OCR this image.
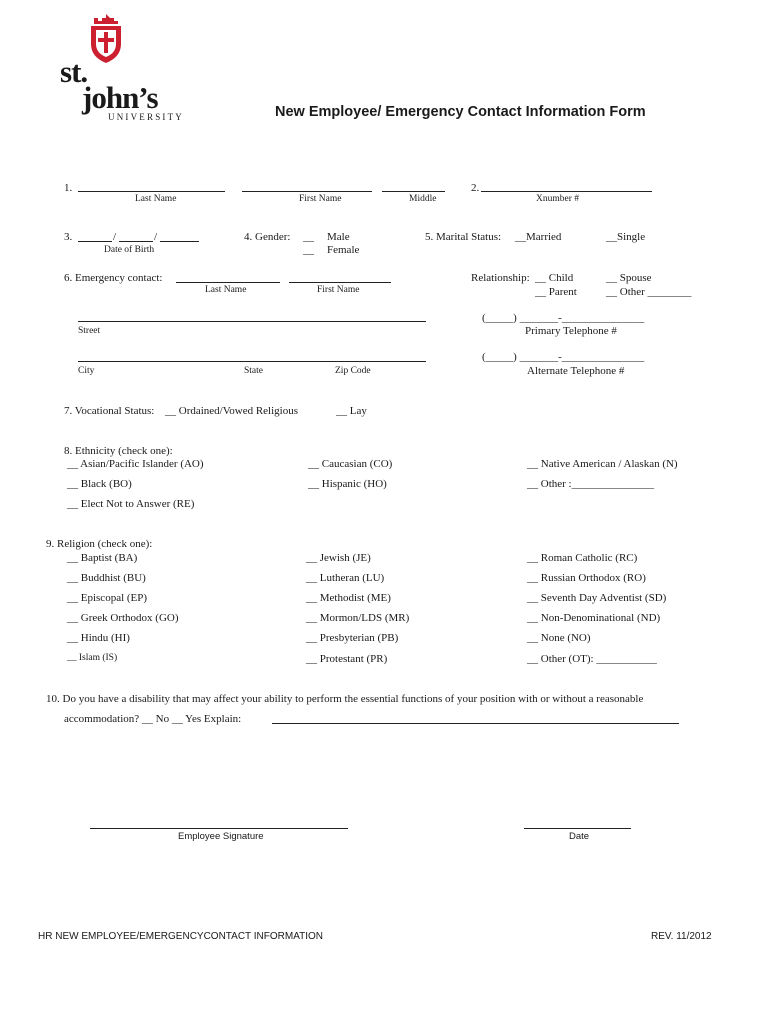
st.
john’s
UNIVERSITY	New Employee/ Emergency Contact Information Form
1.
Last Name	First Name	Middle
2.
Xnumber #
3.	/	/
Date of Birth
4. Gender: __ Male
__ Female
5. Marital Status: __Married	__Single
6. Emergency contact:
Last Name	First Name
Relationship: __ Child	__ Spouse
__ Parent	__ Other ________
Street
(_____) _______-_______________
Primary Telephone #
City	State	Zip Code
(_____) _______-_______________
Alternate Telephone #
7. Vocational Status: __ Ordained/Vowed Religious	__ Lay
8. Ethnicity (check one):
__ Asian/Pacific Islander (AO)	__ Caucasian (CO)	__ Native American / Alaskan (N)
__ Black (BO)	__ Hispanic (HO)	__ Other :_______________
__ Elect Not to Answer (RE)
9. Religion (check one):
__ Baptist (BA)	__ Jewish (JE)	__ Roman Catholic (RC)
__ Buddhist (BU)	__ Lutheran (LU)	__ Russian Orthodox (RO)
__ Episcopal (EP)	__ Methodist (ME)	__ Seventh Day Adventist (SD)
__ Greek Orthodox (GO)	__ Mormon/LDS (MR)	__ Non-Denominational (ND)
__ Hindu (HI)	__ Presbyterian (PB)	__ None (NO)
__ Islam (IS)	__ Protestant (PR)	__ Other (OT): ___________
10. Do you have a disability that may affect your ability to perform the essential functions of your position with or without a reasonable
accommodation? __ No __ Yes Explain:
Employee Signature	Date
HR NEW EMPLOYEE/EMERGENCYCONTACT INFORMATION	REV. 11/2012
